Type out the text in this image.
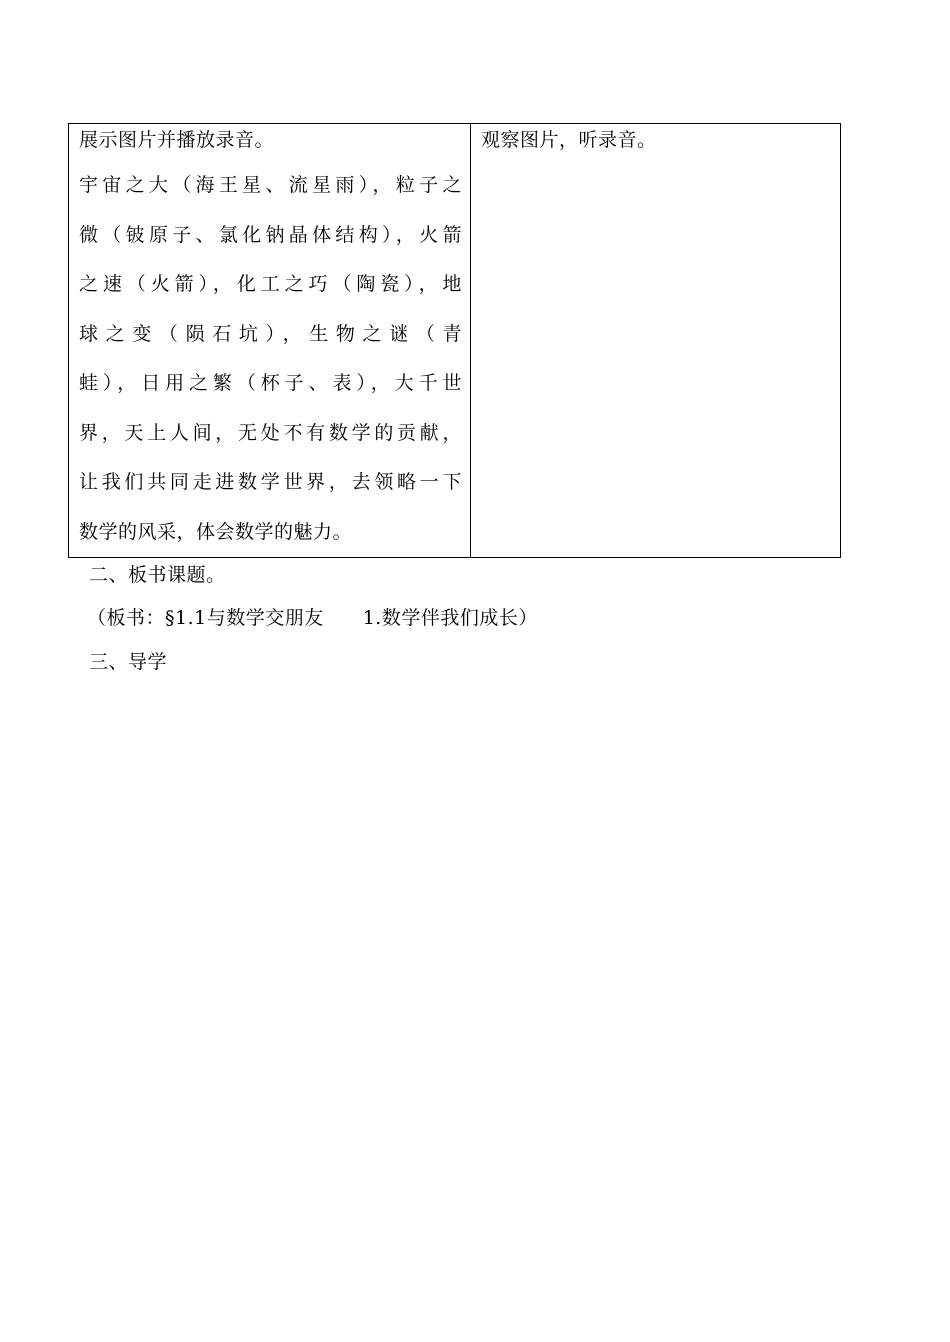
展示图片并播放录音。
宇宙之大（海王星、流星雨），粒子之
微（铍原子、氯化钠晶体结构），火箭
之速（火箭），化工之巧（陶瓷），地
球之变（陨石坑），生物之谜（青
蛙），日用之繁（杯子、表），大千世
界，天上人间，无处不有数学的贡献，
让我们共同走进数学世界，去领略一下
数学的风采，体会数学的魅力。
观察图片，听录音。
二、板书课题。
（板书：§1.1与数学交朋友　　1.数学伴我们成长）
三、导学
